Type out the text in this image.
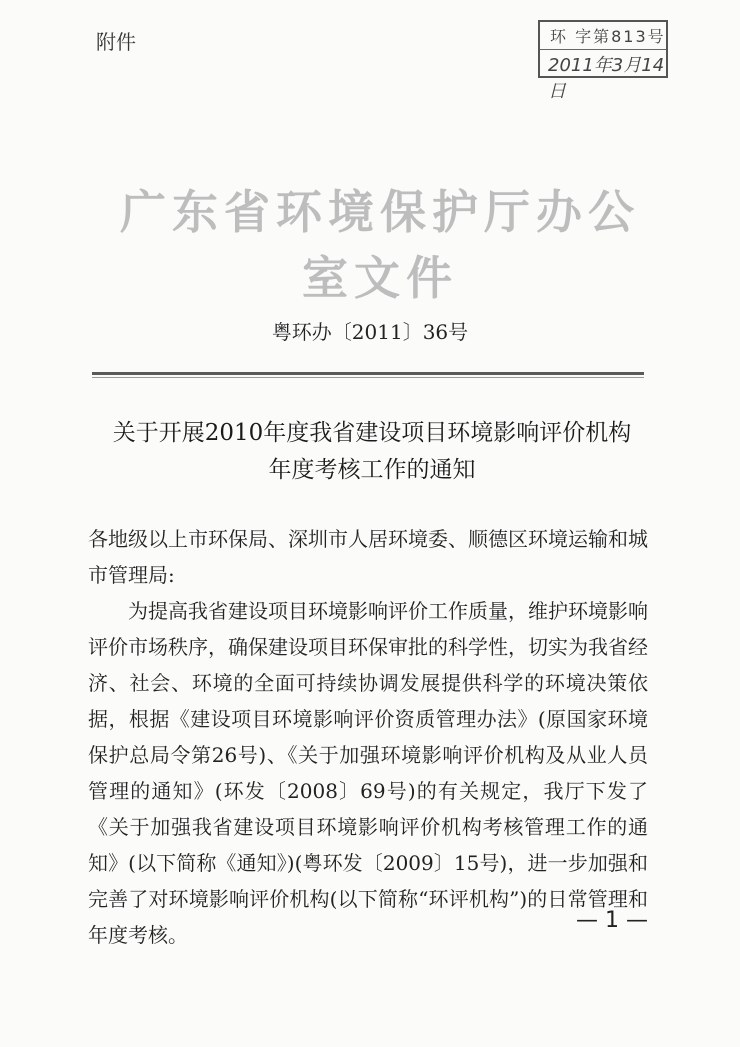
附件	环 字第813号
2011年3月14日
广东省环境保护厅办公室文件
粤环办〔2011〕36号
关于开展2010年度我省建设项目环境影响评价机构
年度考核工作的通知

各地级以上市环保局、深圳市人居环境委、顺德区环境运输和城市管理局:

为提高我省建设项目环境影响评价工作质量，维护环境影响评价市场秩序，确保建设项目环保审批的科学性，切实为我省经济、社会、环境的全面可持续协调发展提供科学的环境决策依据，根据《建设项目环境影响评价资质管理办法》(原国家环境保护总局令第26号)、《关于加强环境影响评价机构及从业人员管理的通知》(环发〔2008〕69号)的有关规定，我厅下发了《关于加强我省建设项目环境影响评价机构考核管理工作的通知》(以下简称《通知》)(粤环发〔2009〕15号)，进一步加强和完善了对环境影响评价机构(以下简称“环评机构”)的日常管理和年度考核。

— 1 —
